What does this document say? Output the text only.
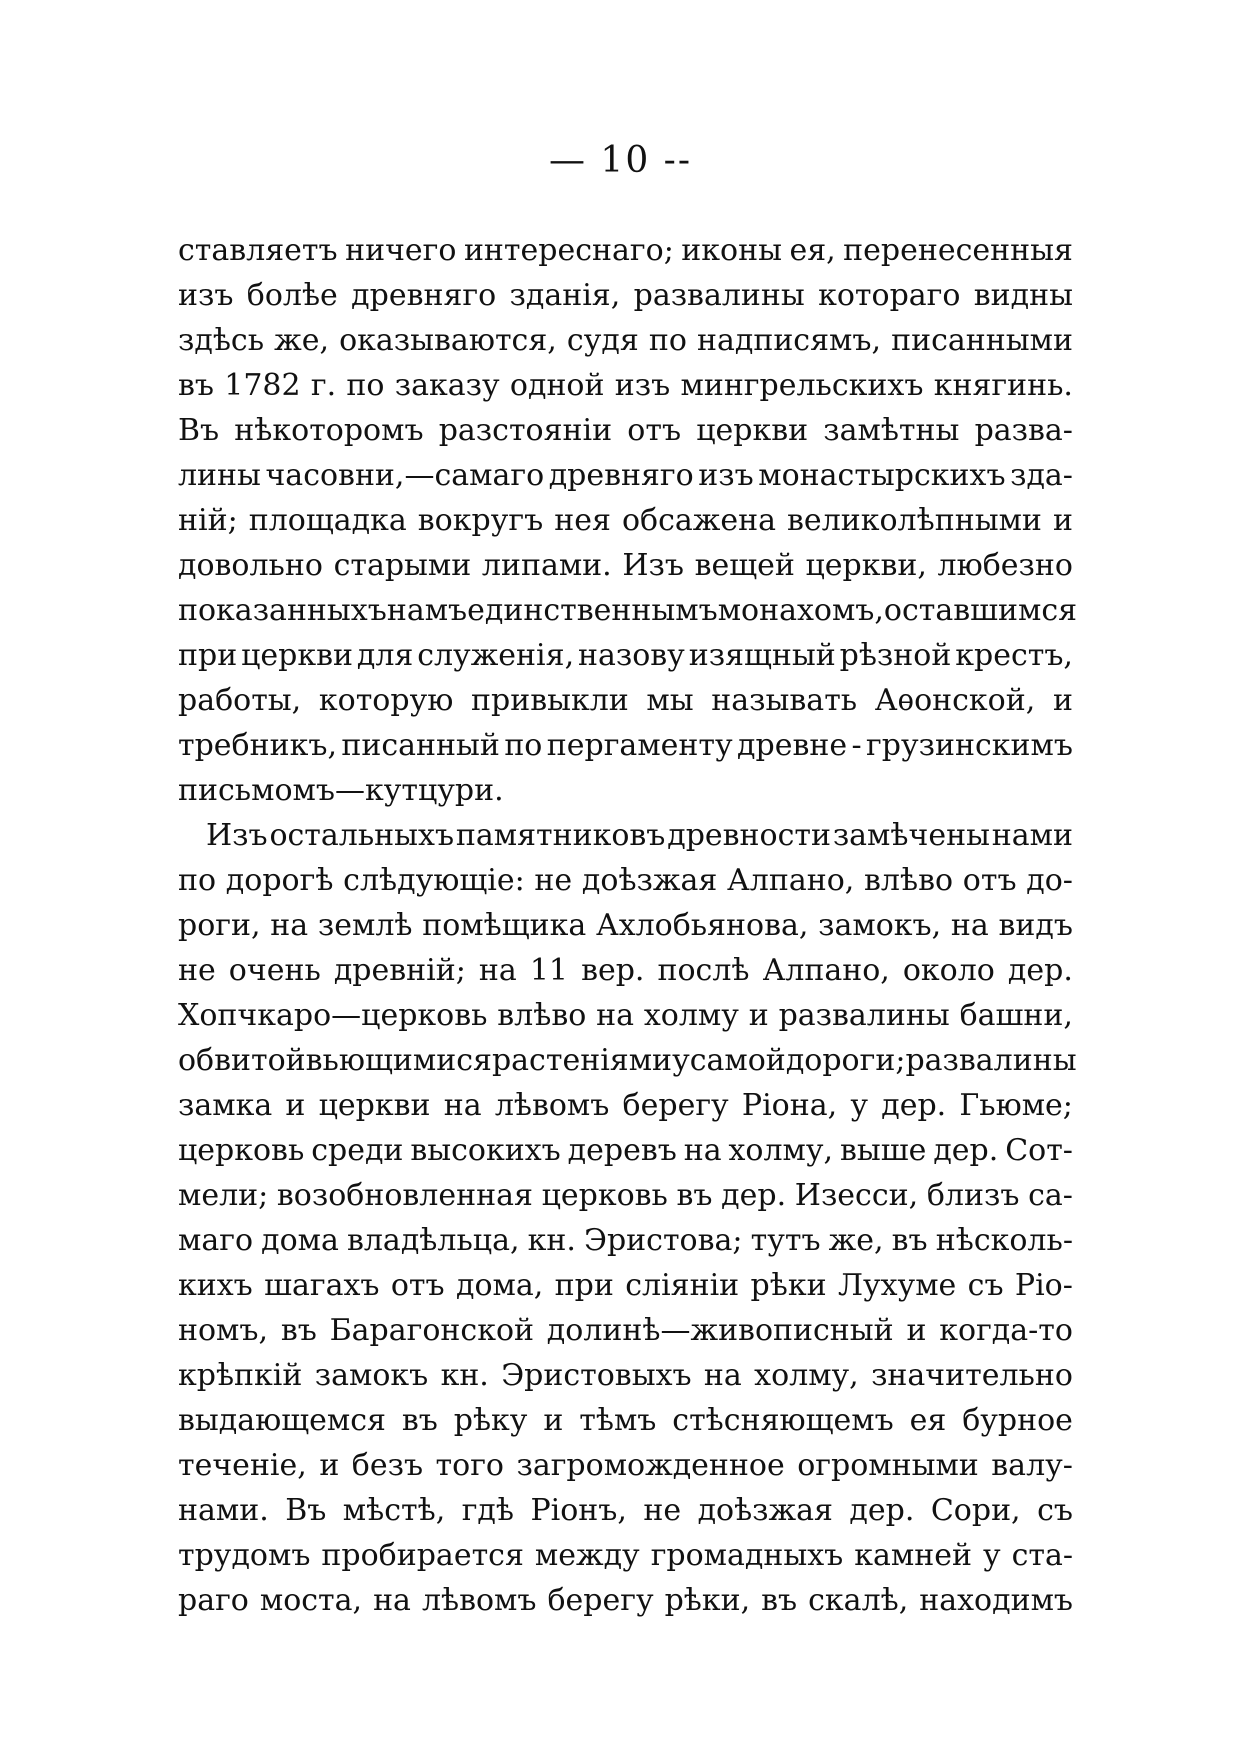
— 10 --
ставляетъ ничего интереснаго; иконы ея, перенесенныя
изъ болѣе древняго зданія, развалины котораго видны
здѣсь же, оказываются, судя по надписямъ, писанными
въ 1782 г. по заказу одной изъ мингрельскихъ княгинь.
Въ нѣкоторомъ разстояніи отъ церкви замѣтны разва-
лины часовни,—самаго древняго изъ монастырскихъ зда-
ній; площадка вокругъ нея обсажена великолѣпными и
довольно старыми липами. Изъ вещей церкви, любезно
показанныхъ намъ единственнымъ монахомъ, оставшимся
при церкви для служенія, назову изящный рѣзной крестъ,
работы, которую привыкли мы называть Аѳонской, и
требникъ, писанный по пергаменту древне - грузинскимъ
письмомъ—кутцури.
Изъ остальныхъ памятниковъ древности замѣчены нами
по дорогѣ слѣдующіе: не доѣзжая Алпано, влѣво отъ до-
роги, на землѣ помѣщика Ахлобьянова, замокъ, на видъ
не очень древній; на 11 вер. послѣ Алпано, около дер.
Хопчкаро—церковь влѣво на холму и развалины башни,
обвитой вьющимися растеніями у самой дороги; развалины
замка и церкви на лѣвомъ берегу Ріона, у дер. Гьюме;
церковь среди высокихъ деревъ на холму, выше дер. Сот-
мели; возобновленная церковь въ дер. Изесси, близъ са-
маго дома владѣльца, кн. Эристова; тутъ же, въ нѣсколь-
кихъ шагахъ отъ дома, при сліяніи рѣки Лухуме съ Ріо-
номъ, въ Барагонской долинѣ—живописный и когда-то
крѣпкій замокъ кн. Эристовыхъ на холму, значительно
выдающемся въ рѣку и тѣмъ стѣсняющемъ ея бурное
теченіе, и безъ того загроможденное огромными валу-
нами. Въ мѣстѣ, гдѣ Ріонъ, не доѣзжая дер. Сори, съ
трудомъ пробирается между громадныхъ камней у ста-
раго моста, на лѣвомъ берегу рѣки, въ скалѣ, находимъ
